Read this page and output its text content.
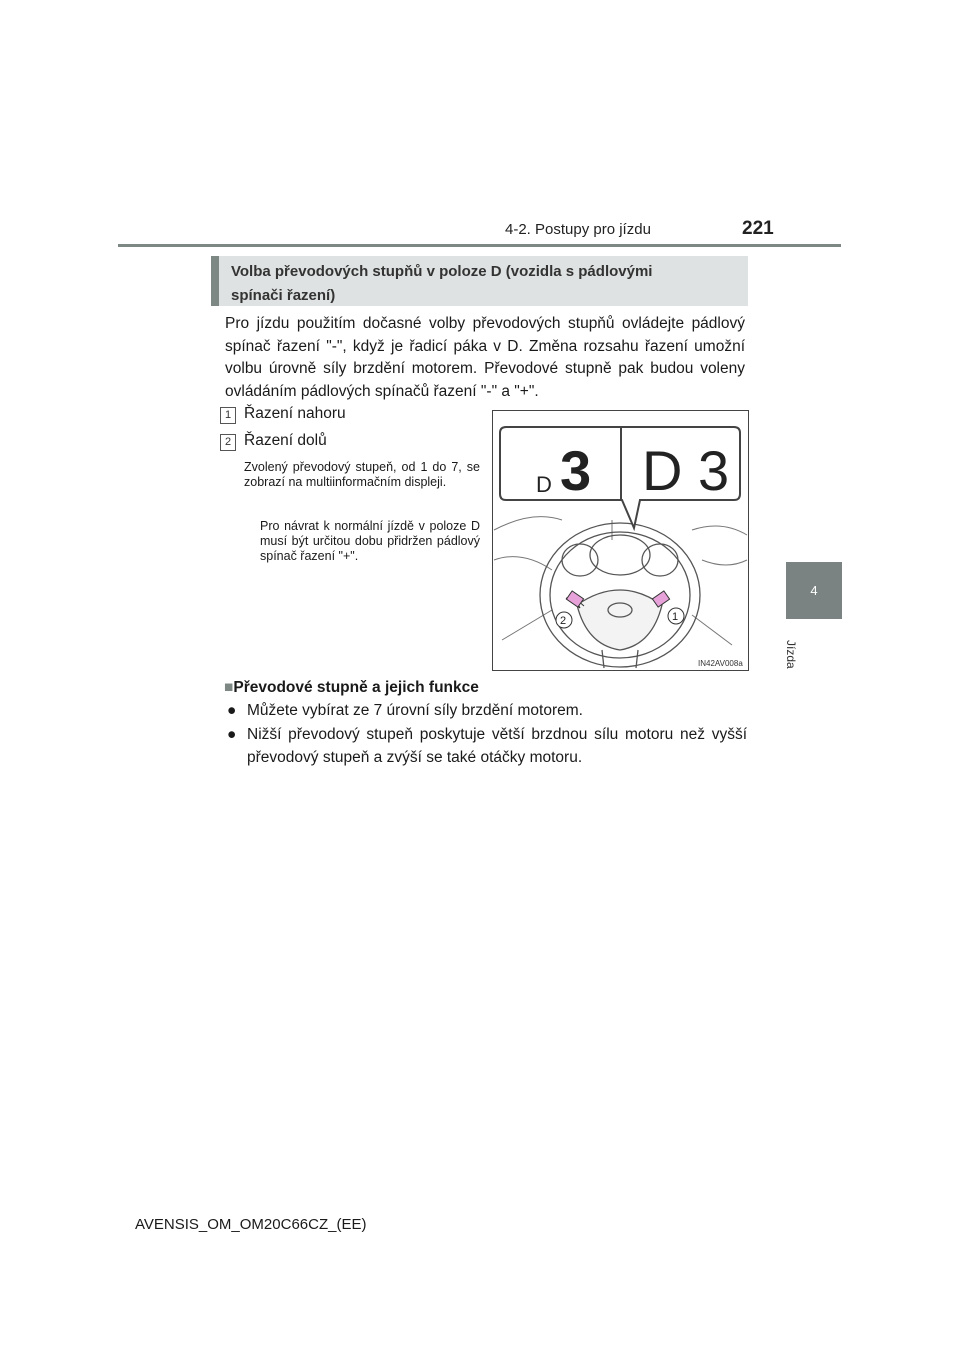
4-2. Postupy pro jízdu	221
4
Jízda
Volba převodových stupňů v poloze D (vozidla s pádlovými
spínači řazení)
Pro jízdu použitím dočasné volby převodových stupňů ovládejte pádlový spínač řazení "-", když je řadicí páka v D. Změna rozsahu řazení umožní volbu úrovně síly brzdění motorem. Převodové stupně pak budou voleny ovládáním pádlových spínačů řazení "-" a "+".
1 Řazení nahoru
2 Řazení dolů
Zvolený převodový stupeň, od 1 do 7, se zobrazí na multiinformačním displeji.
Pro návrat k normální jízdě v poloze D musí být určitou dobu přidržen pádlový spínač řazení "+".
D 3 D 3
2	1
IN42AV008a
■Převodové stupně a jejich funkce
● Můžete vybírat ze 7 úrovní síly brzdění motorem.
● Nižší převodový stupeň poskytuje větší brzdnou sílu motoru než vyšší převodový stupeň a zvýší se také otáčky motoru.
AVENSIS_OM_OM20C66CZ_(EE)
